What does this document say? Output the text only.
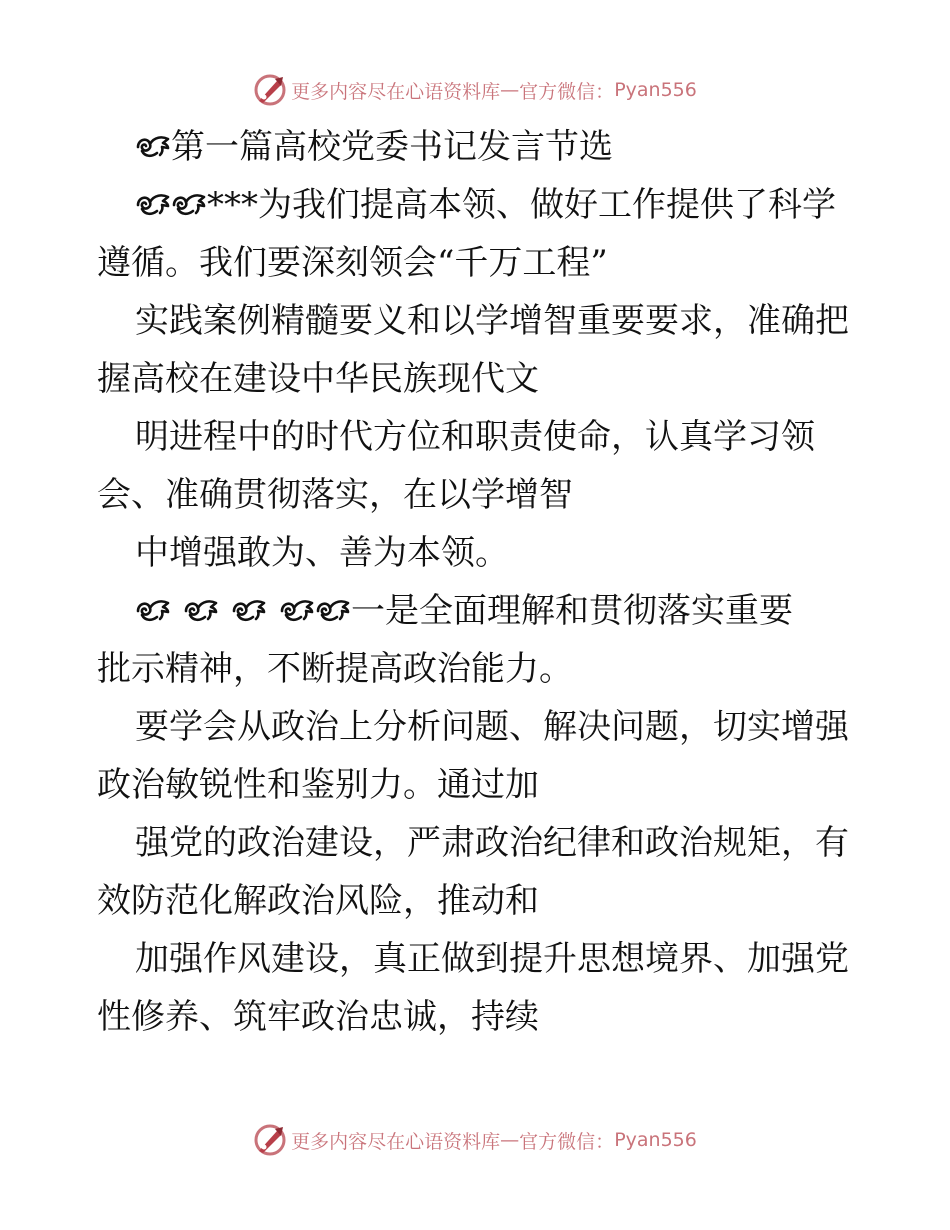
更多内容尽在心语资料库 — 官方微信： Pyan556
第一篇高校党委书记发言节选
***为我们提高本领、做好工作提供了科学
遵循。我们要深刻领会“千万工程”
实践案例精髓要义和以学增智重要要求，准确把
握高校在建设中华民族现代文
明进程中的时代方位和职责使命，认真学习领
会、准确贯彻落实，在以学增智
中增强敢为、善为本领。
一是全面理解和贯彻落实重要
批示精神，不断提高政治能力。
要学会从政治上分析问题、解决问题，切实增强
政治敏锐性和鉴别力。通过加
强党的政治建设，严肃政治纪律和政治规矩，有
效防范化解政治风险，推动和
加强作风建设，真正做到提升思想境界、加强党
性修养、筑牢政治忠诚，持续
更多内容尽在心语资料库 — 官方微信： Pyan556
